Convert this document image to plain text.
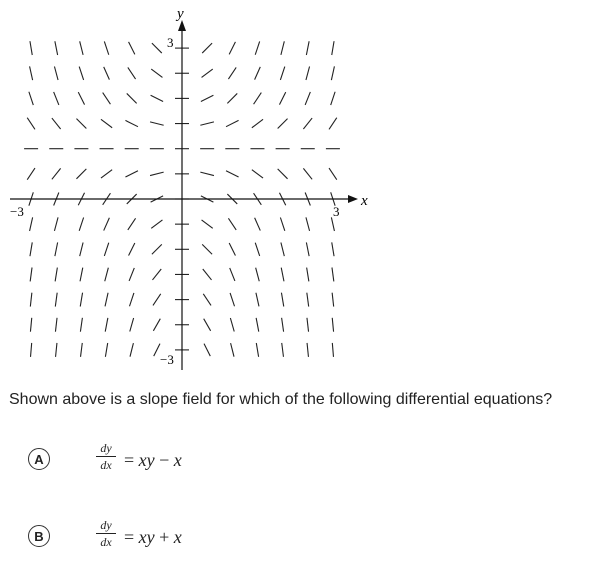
x
y
−3	3
3
−3
Shown above is a slope field for which of the following differential equations?
A
dy
dx = xy − x
B
dy
dx = xy + x
